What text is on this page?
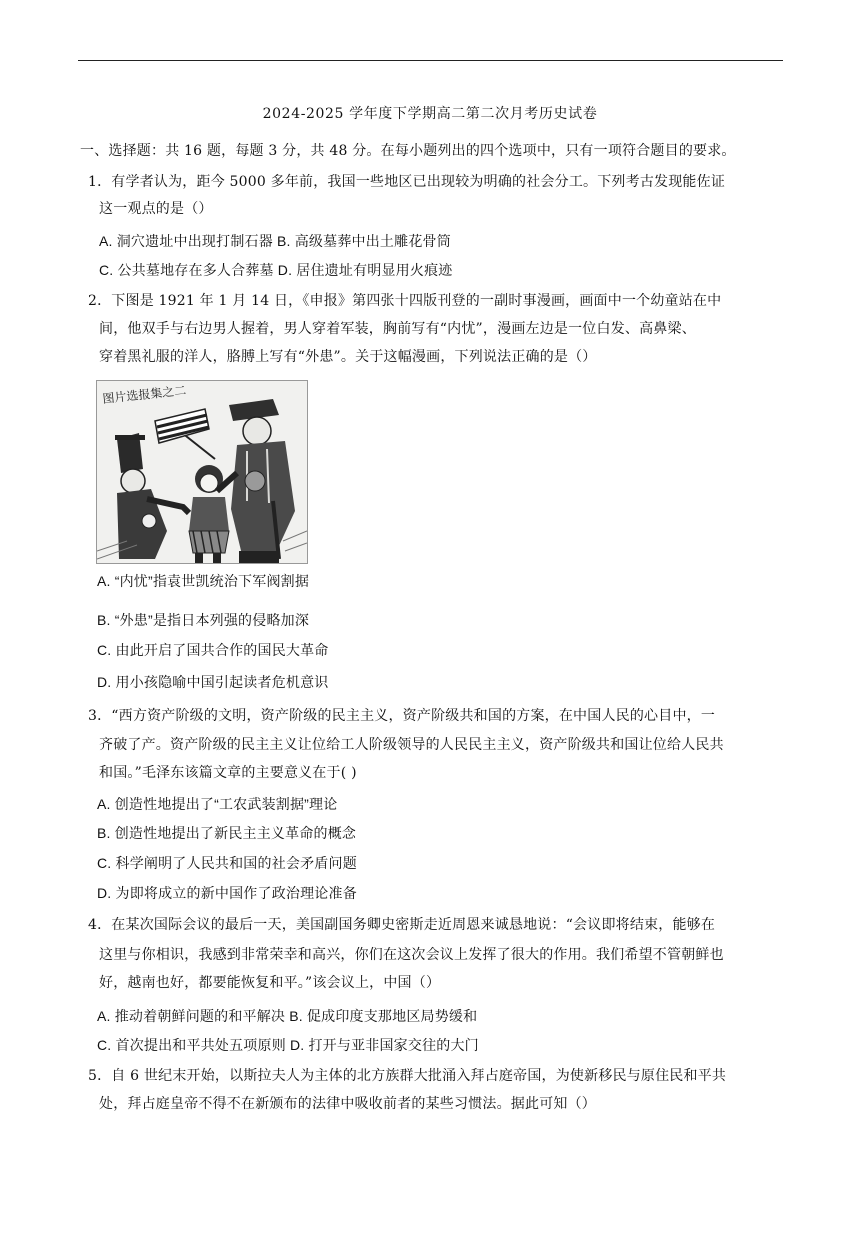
2024-2025 学年度下学期高二第二次月考历史试卷
一、选择题：共 16 题，每题 3 分，共 48 分。在每小题列出的四个选项中，只有一项符合题目的要求。
1．有学者认为，距今 5000 多年前，我国一些地区已出现较为明确的社会分工。下列考古发现能佐证
这一观点的是（）
A. 洞穴遗址中出现打制石器 B. 高级墓葬中出土雕花骨筒
C. 公共墓地存在多人合葬墓 D. 居住遗址有明显用火痕迹
2．下图是 1921 年 1 月 14 日，《申报》第四张十四版刊登的一副时事漫画，画面中一个幼童站在中
间，他双手与右边男人握着，男人穿着军装，胸前写有“内忧”，漫画左边是一位白发、高鼻梁、
穿着黑礼服的洋人，胳膊上写有“外患”。关于这幅漫画，下列说法正确的是（）
图片选报集之二
A. “内忧”指袁世凯统治下军阀割据
B. “外患”是指日本列强的侵略加深
C. 由此开启了国共合作的国民大革命
D. 用小孩隐喻中国引起读者危机意识
3．“西方资产阶级的文明，资产阶级的民主主义，资产阶级共和国的方案，在中国人民的心目中，一
齐破了产。资产阶级的民主主义让位给工人阶级领导的人民民主主义，资产阶级共和国让位给人民共
和国。”毛泽东该篇文章的主要意义在于( )
A. 创造性地提出了“工农武装割据”理论
B. 创造性地提出了新民主主义革命的概念
C. 科学阐明了人民共和国的社会矛盾问题
D. 为即将成立的新中国作了政治理论准备
4．在某次国际会议的最后一天，美国副国务卿史密斯走近周恩来诚恳地说：“会议即将结束，能够在
这里与你相识，我感到非常荣幸和高兴，你们在这次会议上发挥了很大的作用。我们希望不管朝鲜也
好，越南也好，都要能恢复和平。”该会议上，中国（）
A. 推动着朝鲜问题的和平解决 B. 促成印度支那地区局势缓和
C. 首次提出和平共处五项原则 D. 打开与亚非国家交往的大门
5．自 6 世纪末开始，以斯拉夫人为主体的北方族群大批涌入拜占庭帝国，为使新移民与原住民和平共
处，拜占庭皇帝不得不在新颁布的法律中吸收前者的某些习惯法。据此可知（）
